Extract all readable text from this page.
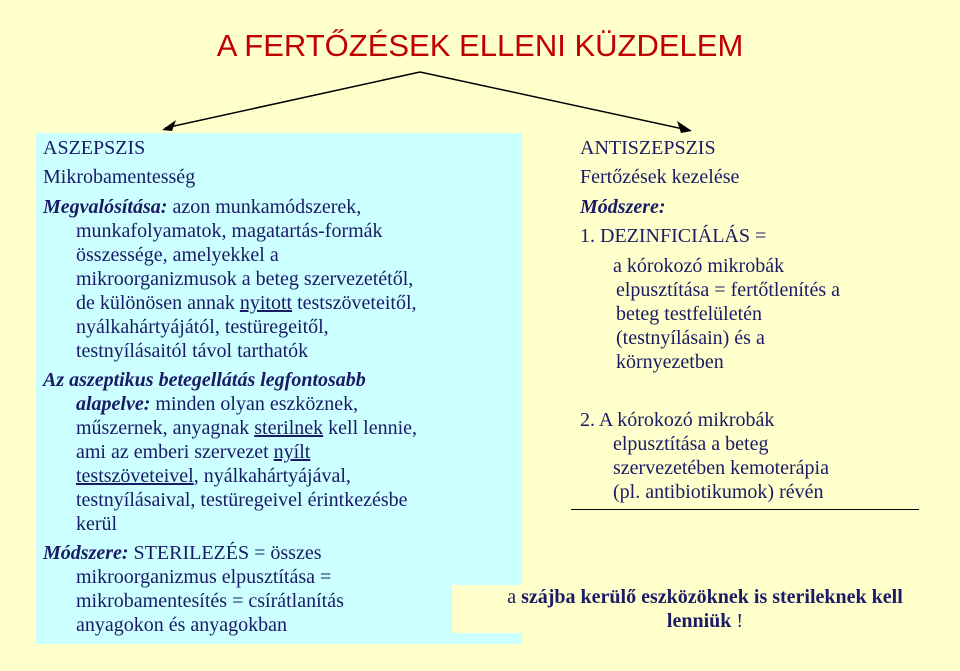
A FERTŐZÉSEK ELLENI KÜZDELEM
ASZEPSZIS
Mikrobamentesség
Megvalósítása: azon munkamódszerek,
munkafolyamatok, magatartás-formák
összessége, amelyekkel a
mikroorganizmusok a beteg szervezetétől,
de különösen annak nyitott testszöveteitől,
nyálkahártyájától, testüregeitől,
testnyílásaitól távol tarthatók
Az aszeptikus betegellátás legfontosabb
alapelve: minden olyan eszköznek,
műszernek, anyagnak sterilnek kell lennie,
ami az emberi szervezet nyílt
testszöveteivel, nyálkahártyájával,
testnyílásaival, testüregeivel érintkezésbe
kerül
Módszere: STERILEZÉS = összes
mikroorganizmus elpusztítása =
mikrobamentesítés = csírátlanítás
anyagokon és anyagokban
ANTISZEPSZIS
Fertőzések kezelése
Módszere:
1. DEZINFICIÁLÁS =
a kórokozó mikrobák
elpusztítása = fertőtlenítés a
beteg testfelületén
(testnyílásain) és a
környezetben
2. A kórokozó mikrobák
elpusztítása a beteg
szervezetében kemoterápia
(pl. antibiotikumok) révén
a szájba kerülő eszközöknek is sterileknek kell
lenniük !
